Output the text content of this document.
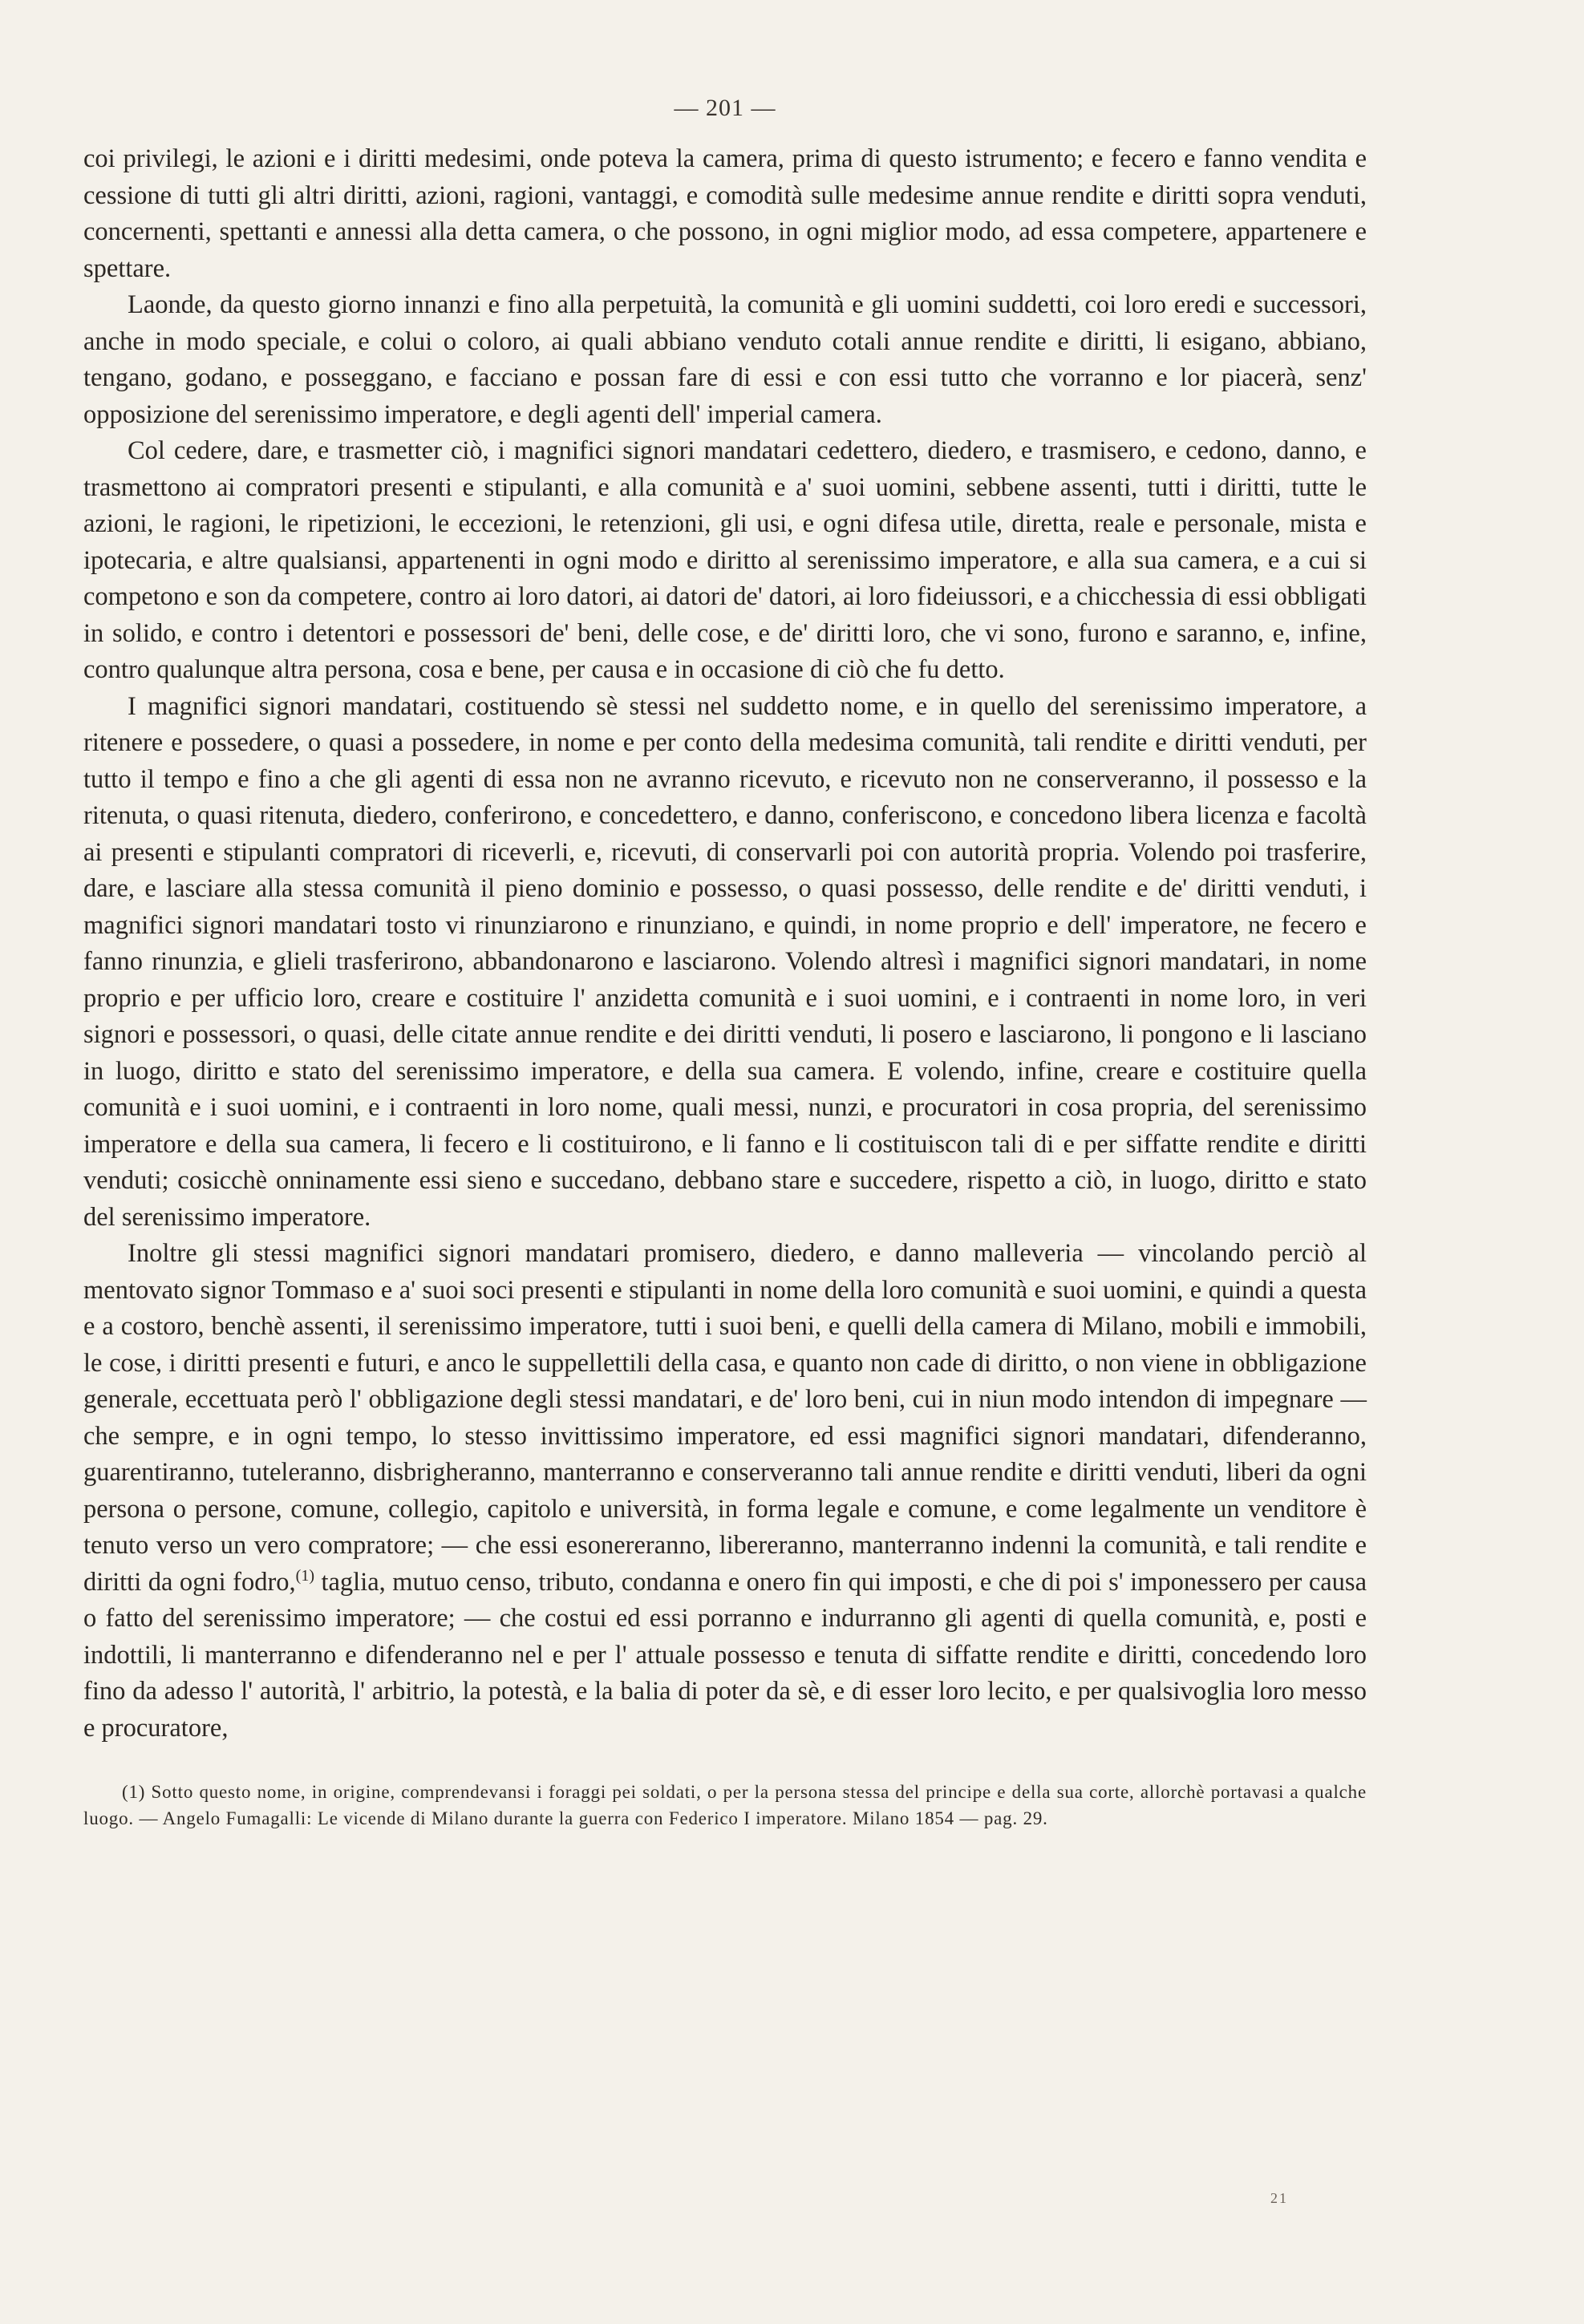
— 201 —

coi privilegi, le azioni e i diritti medesimi, onde poteva la camera, prima di questo istrumento; e fecero e fanno vendita e cessione di tutti gli altri diritti, azioni, ragioni, vantaggi, e comodità sulle medesime annue rendite e diritti sopra venduti, concernenti, spettanti e annessi alla detta camera, o che possono, in ogni miglior modo, ad essa competere, appartenere e spettare.

Laonde, da questo giorno innanzi e fino alla perpetuità, la comunità e gli uomini suddetti, coi loro eredi e successori, anche in modo speciale, e colui o coloro, ai quali abbiano venduto cotali annue rendite e diritti, li esigano, abbiano, tengano, godano, e posseggano, e facciano e possan fare di essi e con essi tutto che vorranno e lor piacerà, senz' opposizione del serenissimo imperatore, e degli agenti dell' imperial camera.

Col cedere, dare, e trasmetter ciò, i magnifici signori mandatari cedettero, diedero, e trasmisero, e cedono, danno, e trasmettono ai compratori presenti e stipulanti, e alla comunità e a' suoi uomini, sebbene assenti, tutti i diritti, tutte le azioni, le ragioni, le ripetizioni, le eccezioni, le retenzioni, gli usi, e ogni difesa utile, diretta, reale e personale, mista e ipotecaria, e altre qualsiansi, appartenenti in ogni modo e diritto al serenissimo imperatore, e alla sua camera, e a cui si competono e son da competere, contro ai loro datori, ai datori de' datori, ai loro fideiussori, e a chicchessia di essi obbligati in solido, e contro i detentori e possessori de' beni, delle cose, e de' diritti loro, che vi sono, furono e saranno, e, infine, contro qualunque altra persona, cosa e bene, per causa e in occasione di ciò che fu detto.

I magnifici signori mandatari, costituendo sè stessi nel suddetto nome, e in quello del serenissimo imperatore, a ritenere e possedere, o quasi a possedere, in nome e per conto della medesima comunità, tali rendite e diritti venduti, per tutto il tempo e fino a che gli agenti di essa non ne avranno ricevuto, e ricevuto non ne conserveranno, il possesso e la ritenuta, o quasi ritenuta, diedero, conferirono, e concedettero, e danno, conferiscono, e concedono libera licenza e facoltà ai presenti e stipulanti compratori di riceverli, e, ricevuti, di conservarli poi con autorità propria. Volendo poi trasferire, dare, e lasciare alla stessa comunità il pieno dominio e possesso, o quasi possesso, delle rendite e de' diritti venduti, i magnifici signori mandatari tosto vi rinunziarono e rinunziano, e quindi, in nome proprio e dell' imperatore, ne fecero e fanno rinunzia, e glieli trasferirono, abbandonarono e lasciarono. Volendo altresì i magnifici signori mandatari, in nome proprio e per ufficio loro, creare e costituire l' anzidetta comunità e i suoi uomini, e i contraenti in nome loro, in veri signori e possessori, o quasi, delle citate annue rendite e dei diritti venduti, li posero e lasciarono, li pongono e li lasciano in luogo, diritto e stato del serenissimo imperatore, e della sua camera. E volendo, infine, creare e costituire quella comunità e i suoi uomini, e i contraenti in loro nome, quali messi, nunzi, e procuratori in cosa propria, del serenissimo imperatore e della sua camera, li fecero e li costituirono, e li fanno e li costituiscon tali di e per siffatte rendite e diritti venduti; cosicchè onninamente essi sieno e succedano, debbano stare e succedere, rispetto a ciò, in luogo, diritto e stato del serenissimo imperatore.

Inoltre gli stessi magnifici signori mandatari promisero, diedero, e danno malleveria — vincolando perciò al mentovato signor Tommaso e a' suoi soci presenti e stipulanti in nome della loro comunità e suoi uomini, e quindi a questa e a costoro, benchè assenti, il serenissimo imperatore, tutti i suoi beni, e quelli della camera di Milano, mobili e immobili, le cose, i diritti presenti e futuri, e anco le suppellettili della casa, e quanto non cade di diritto, o non viene in obbligazione generale, eccettuata però l' obbligazione degli stessi mandatari, e de' loro beni, cui in niun modo intendon di impegnare — che sempre, e in ogni tempo, lo stesso invittissimo imperatore, ed essi magnifici signori mandatari, difenderanno, guarentiranno, tuteleranno, disbrigheranno, manterranno e conserveranno tali annue rendite e diritti venduti, liberi da ogni persona o persone, comune, collegio, capitolo e università, in forma legale e comune, e come legalmente un venditore è tenuto verso un vero compratore; — che essi esonereranno, libereranno, manterranno indenni la comunità, e tali rendite e diritti da ogni fodro,$^{(1)}$ taglia, mutuo censo, tributo, condanna e onero fin qui imposti, e che di poi s' imponessero per causa o fatto del serenissimo imperatore; — che costui ed essi porranno e indurranno gli agenti di quella comunità, e, posti e indottili, li manterranno e difenderanno nel e per l' attuale possesso e tenuta di siffatte rendite e diritti, concedendo loro fino da adesso l' autorità, l' arbitrio, la potestà, e la balia di poter da sè, e di esser loro lecito, e per qualsivoglia loro messo e procuratore,

(1) Sotto questo nome, in origine, comprendevansi i foraggi pei soldati, o per la persona stessa del principe e della sua corte, allorchè portavasi a qualche luogo. — Angelo Fumagalli: Le vicende di Milano durante la guerra con Federico I imperatore. Milano 1854 — pag. 29.

21
